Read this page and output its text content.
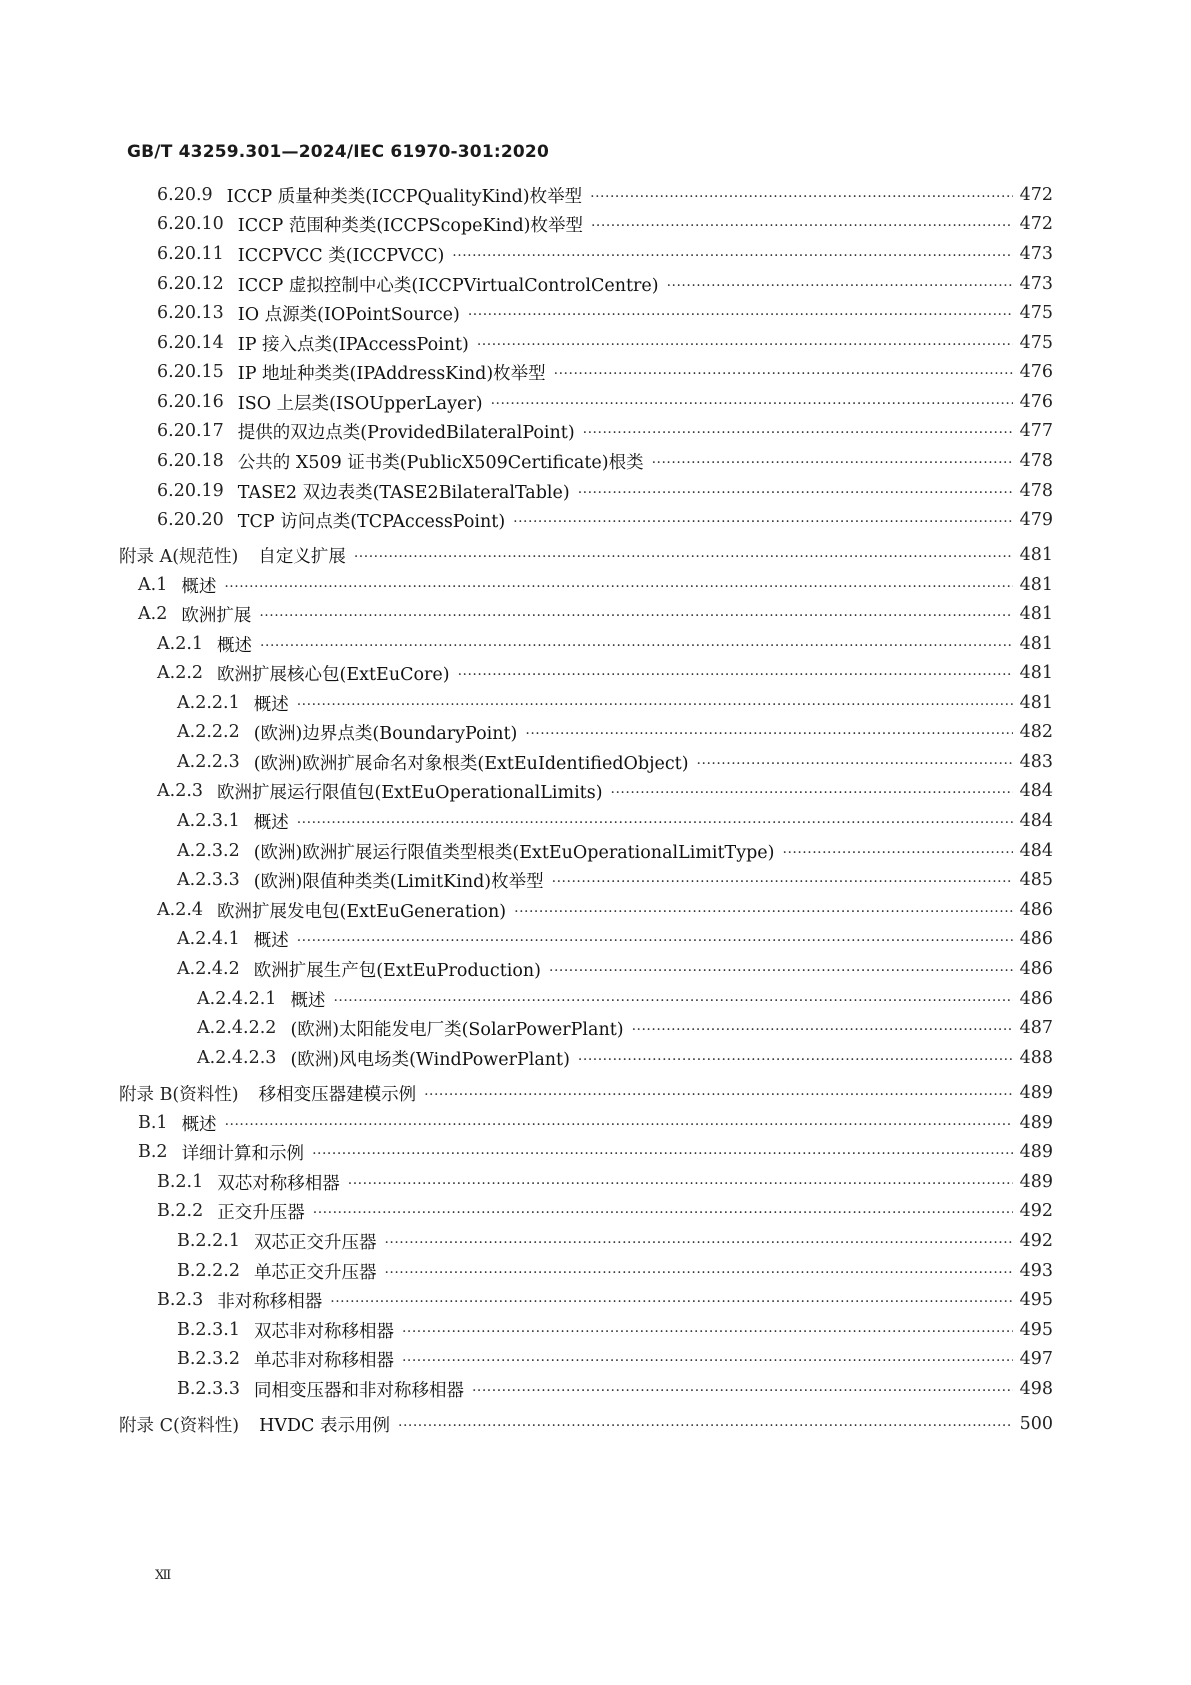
GB/T 43259.301—2024/IEC 61970-301:2020
6.20.9 ICCP 质量种类类(ICCPQualityKind)枚举型 ·····	472
6.20.10 ICCP 范围种类类(ICCPScopeKind)枚举型 ·····	472
6.20.11 ICCPVCC 类(ICCPVCC) ·····	473
6.20.12 ICCP 虚拟控制中心类(ICCPVirtualControlCentre) ·····	473
6.20.13 IO 点源类(IOPointSource) ·····	475
6.20.14 IP 接入点类(IPAccessPoint) ·····	475
6.20.15 IP 地址种类类(IPAddressKind)枚举型 ·····	476
6.20.16 ISO 上层类(ISOUpperLayer) ·····	476
6.20.17 提供的双边点类(ProvidedBilateralPoint) ·····	477
6.20.18 公共的 X509 证书类(PublicX509Certificate)根类 ·····	478
6.20.19 TASE2 双边表类(TASE2BilateralTable) ·····	478
6.20.20 TCP 访问点类(TCPAccessPoint) ·····	479
附录 A(规范性) 自定义扩展 ·····	481
A.1 概述 ·····	481
A.2 欧洲扩展 ·····	481
A.2.1 概述 ·····	481
A.2.2 欧洲扩展核心包(ExtEuCore) ·····	481
A.2.2.1 概述 ·····	481
A.2.2.2 (欧洲)边界点类(BoundaryPoint) ·····	482
A.2.2.3 (欧洲)欧洲扩展命名对象根类(ExtEuIdentifiedObject) ·····	483
A.2.3 欧洲扩展运行限值包(ExtEuOperationalLimits) ·····	484
A.2.3.1 概述 ·····	484
A.2.3.2 (欧洲)欧洲扩展运行限值类型根类(ExtEuOperationalLimitType) ·····	484
A.2.3.3 (欧洲)限值种类类(LimitKind)枚举型 ·····	485
A.2.4 欧洲扩展发电包(ExtEuGeneration) ·····	486
A.2.4.1 概述 ·····	486
A.2.4.2 欧洲扩展生产包(ExtEuProduction) ·····	486
A.2.4.2.1 概述 ·····	486
A.2.4.2.2 (欧洲)太阳能发电厂类(SolarPowerPlant) ·····	487
A.2.4.2.3 (欧洲)风电场类(WindPowerPlant) ·····	488
附录 B(资料性) 移相变压器建模示例 ·····	489
B.1 概述 ·····	489
B.2 详细计算和示例 ·····	489
B.2.1 双芯对称移相器 ·····	489
B.2.2 正交升压器 ·····	492
B.2.2.1 双芯正交升压器 ·····	492
B.2.2.2 单芯正交升压器 ·····	493
B.2.3 非对称移相器 ·····	495
B.2.3.1 双芯非对称移相器 ·····	495
B.2.3.2 单芯非对称移相器 ·····	497
B.2.3.3 同相变压器和非对称移相器 ·····	498
附录 C(资料性) HVDC 表示用例 ·····	500
Ⅻ
